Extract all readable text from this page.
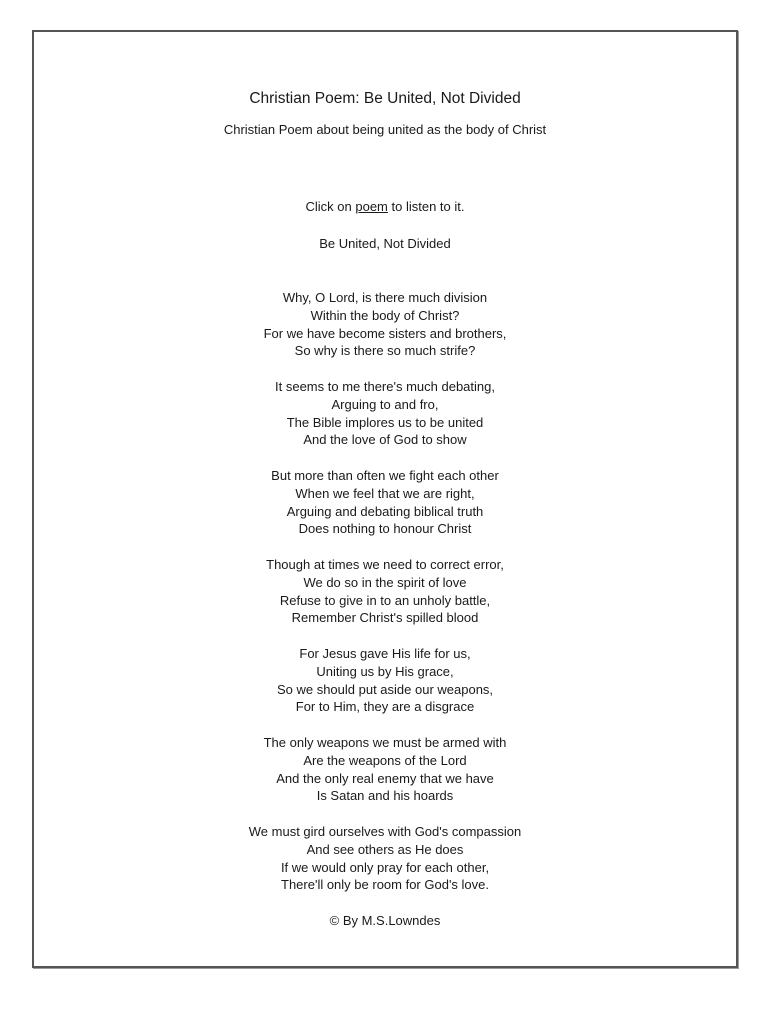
Christian Poem: Be United, Not Divided
Christian Poem about being united as the body of Christ
Click on poem to listen to it.
Be United, Not Divided
Why, O Lord, is there much division
Within the body of Christ?
For we have become sisters and brothers,
So why is there so much strife?
It seems to me there's much debating,
Arguing to and fro,
The Bible implores us to be united
And the love of God to show
But more than often we fight each other
When we feel that we are right,
Arguing and debating biblical truth
Does nothing to honour Christ
Though at times we need to correct error,
We do so in the spirit of love
Refuse to give in to an unholy battle,
Remember Christ's spilled blood
For Jesus gave His life for us,
Uniting us by His grace,
So we should put aside our weapons,
For to Him, they are a disgrace
The only weapons we must be armed with
Are the weapons of the Lord
And the only real enemy that we have
Is Satan and his hoards
We must gird ourselves with God's compassion
And see others as He does
If we would only pray for each other,
There'll only be room for God's love.
© By M.S.Lowndes
